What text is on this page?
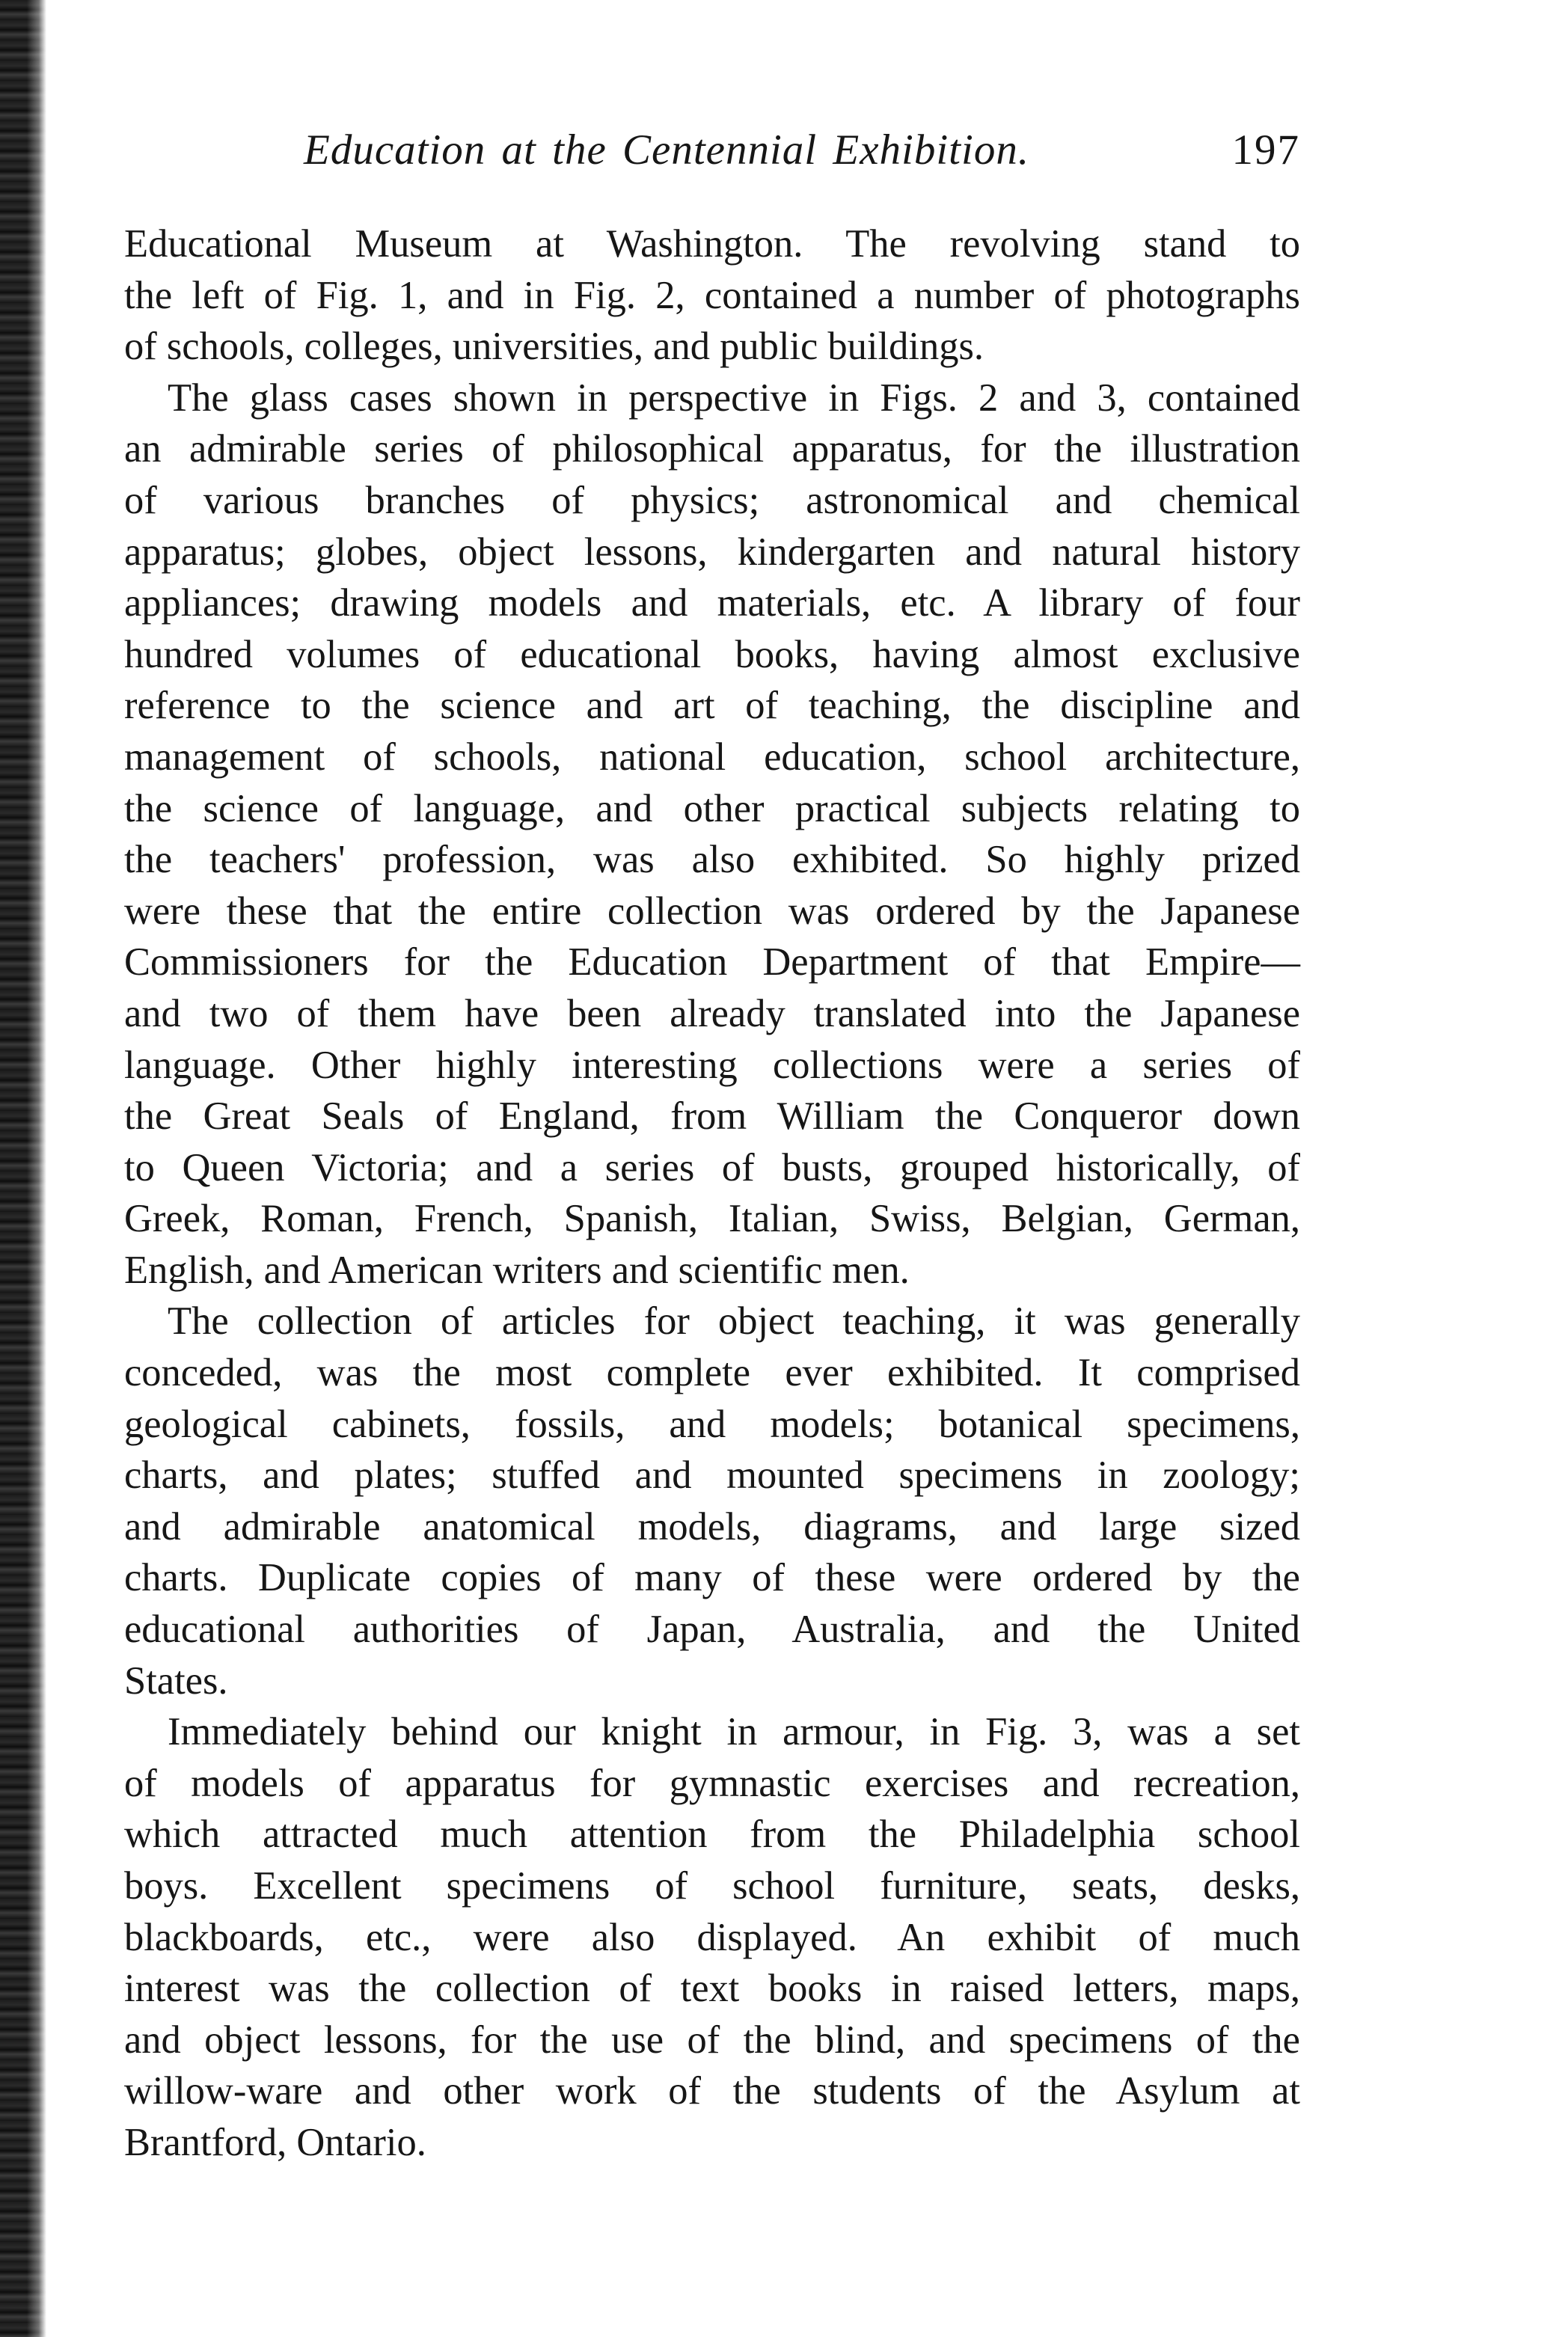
Education at the Centennial Exhibition.	197
Educational Museum at Washington. The revolving stand to
the left of Fig. 1, and in Fig. 2, contained a number of photographs
of schools, colleges, universities, and public buildings.
The glass cases shown in perspective in Figs. 2 and 3, contained
an admirable series of philosophical apparatus, for the illustration
of various branches of physics; astronomical and chemical
apparatus; globes, object lessons, kindergarten and natural history
appliances; drawing models and materials, etc. A library of four
hundred volumes of educational books, having almost exclusive
reference to the science and art of teaching, the discipline and
management of schools, national education, school architecture,
the science of language, and other practical subjects relating to
the teachers' profession, was also exhibited. So highly prized
were these that the entire collection was ordered by the Japanese
Commissioners for the Education Department of that Empire—
and two of them have been already translated into the Japanese
language. Other highly interesting collections were a series of
the Great Seals of England, from William the Conqueror down
to Queen Victoria; and a series of busts, grouped historically, of
Greek, Roman, French, Spanish, Italian, Swiss, Belgian, German,
English, and American writers and scientific men.
The collection of articles for object teaching, it was generally
conceded, was the most complete ever exhibited. It comprised
geological cabinets, fossils, and models; botanical specimens,
charts, and plates; stuffed and mounted specimens in zoology;
and admirable anatomical models, diagrams, and large sized
charts. Duplicate copies of many of these were ordered by the
educational authorities of Japan, Australia, and the United
States.
Immediately behind our knight in armour, in Fig. 3, was a set
of models of apparatus for gymnastic exercises and recreation,
which attracted much attention from the Philadelphia school
boys. Excellent specimens of school furniture, seats, desks,
blackboards, etc., were also displayed. An exhibit of much
interest was the collection of text books in raised letters, maps,
and object lessons, for the use of the blind, and specimens of the
willow-ware and other work of the students of the Asylum at
Brantford, Ontario.
